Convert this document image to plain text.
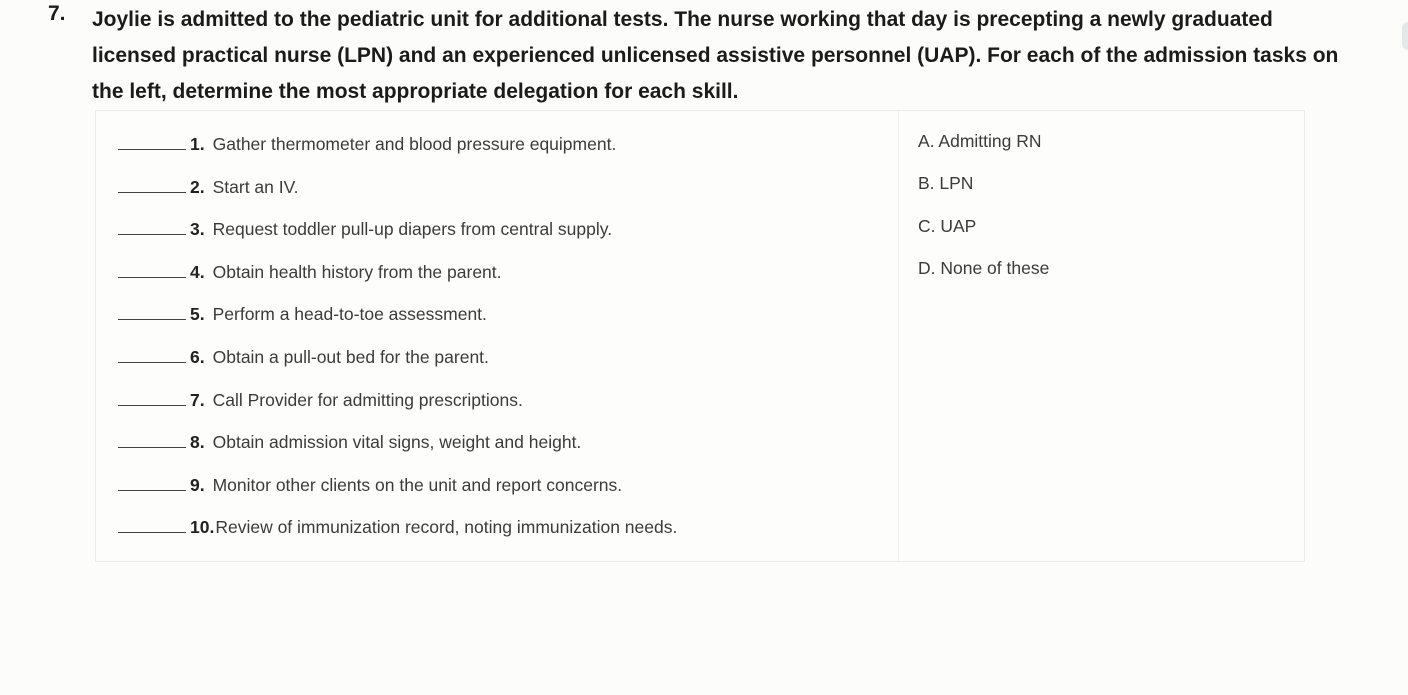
7. Joylie is admitted to the pediatric unit for additional tests. The nurse working that day is precepting a newly graduated licensed practical nurse (LPN) and an experienced unlicensed assistive personnel (UAP). For each of the admission tasks on the left, determine the most appropriate delegation for each skill.
1. Gather thermometer and blood pressure equipment.
2. Start an IV.
3. Request toddler pull-up diapers from central supply.
4. Obtain health history from the parent.
5. Perform a head-to-toe assessment.
6. Obtain a pull-out bed for the parent.
7. Call Provider for admitting prescriptions.
8. Obtain admission vital signs, weight and height.
9. Monitor other clients on the unit and report concerns.
10.Review of immunization record, noting immunization needs.
A. Admitting RN
B. LPN
C. UAP
D. None of these
